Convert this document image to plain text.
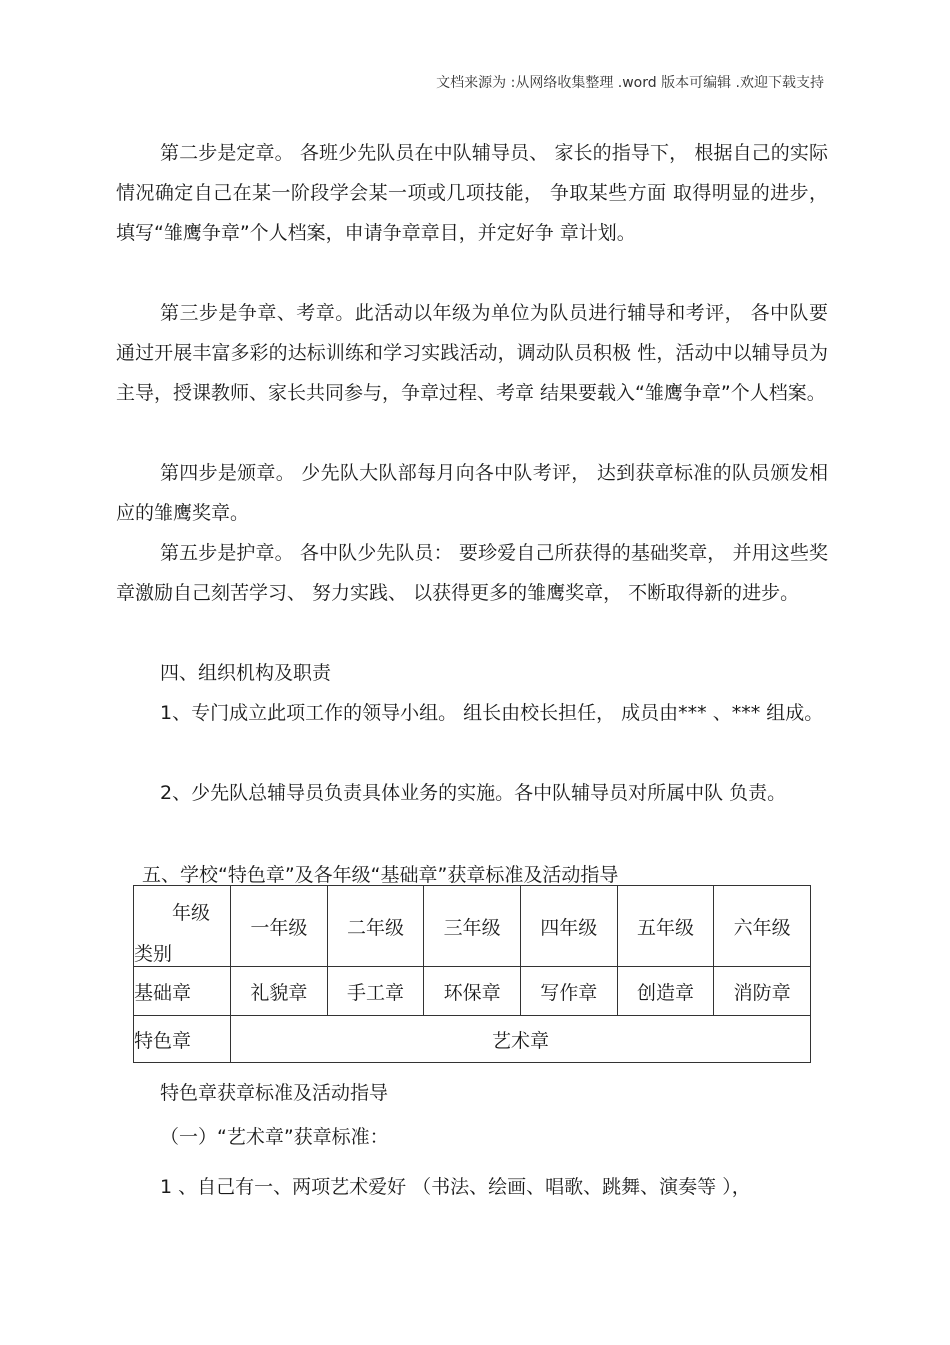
文档来源为 :从网络收集整理 .word 版本可编辑 .欢迎下载支持

第二步是定章。 各班少先队员在中队辅导员、 家长的指导下， 根据自己的实际情况确定自己在某一阶段学会某一项或几项技能， 争取某些方面 取得明显的进步，填写“雏鹰争章”个人档案，申请争章章目，并定好争 章计划。

第三步是争章、考章。此活动以年级为单位为队员进行辅导和考评， 各中队要通过开展丰富多彩的达标训练和学习实践活动，调动队员积极 性，活动中以辅导员为主导，授课教师、家长共同参与，争章过程、考章 结果要载入“雏鹰争章”个人档案。

第四步是颁章。 少先队大队部每月向各中队考评， 达到获章标准的队员颁发相应的雏鹰奖章。

第五步是护章。 各中队少先队员： 要珍爱自己所获得的基础奖章， 并用这些奖章激励自己刻苦学习、 努力实践、 以获得更多的雏鹰奖章， 不断取得新的进步。

四、组织机构及职责

1、专门成立此项工作的领导小组。 组长由校长担任， 成员由*** 、*** 组成。

2、少先队总辅导员负责具体业务的实施。各中队辅导员对所属中队 负责。

五、学校“特色章”及各年级“基础章”获章标准及活动指导

年级
类别	一年级	二年级	三年级	四年级	五年级	六年级
基础章	礼貌章	手工章	环保章	写作章	创造章	消防章
特色章	艺术章					

特色章获章标准及活动指导

（一）“艺术章”获章标准：

1 、自己有一、两项艺术爱好 （书法、绘画、唱歌、跳舞、演奏等 ），
